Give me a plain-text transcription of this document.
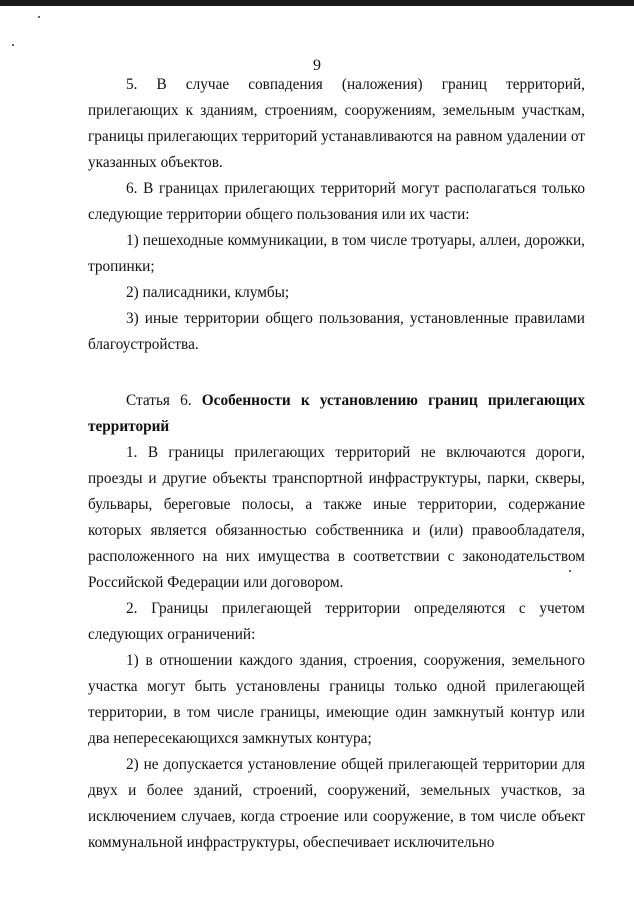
9

5. В случае совпадения (наложения) границ территорий, прилегающих к зданиям, строениям, сооружениям, земельным участкам, границы прилегающих территорий устанавливаются на равном удалении от указанных объектов.

6. В границах прилегающих территорий могут располагаться только следующие территории общего пользования или их части:

1) пешеходные коммуникации, в том числе тротуары, аллеи, дорожки, тропинки;

2) палисадники, клумбы;

3) иные территории общего пользования, установленные правилами благоустройства.

Статья 6. Особенности к установлению границ прилегающих территорий

1. В границы прилегающих территорий не включаются дороги, проезды и другие объекты транспортной инфраструктуры, парки, скверы, бульвары, береговые полосы, а также иные территории, содержание которых является обязанностью собственника и (или) правообладателя, расположенного на них имущества в соответствии с законодательством Российской Федерации или договором.

2. Границы прилегающей территории определяются с учетом следующих ограничений:

1) в отношении каждого здания, строения, сооружения, земельного участка могут быть установлены границы только одной прилегающей территории, в том числе границы, имеющие один замкнутый контур или два непересекающихся замкнутых контура;

2) не допускается установление общей прилегающей территории для двух и более зданий, строений, сооружений, земельных участков, за исключением случаев, когда строение или сооружение, в том числе объект коммунальной инфраструктуры, обеспечивает исключительно
